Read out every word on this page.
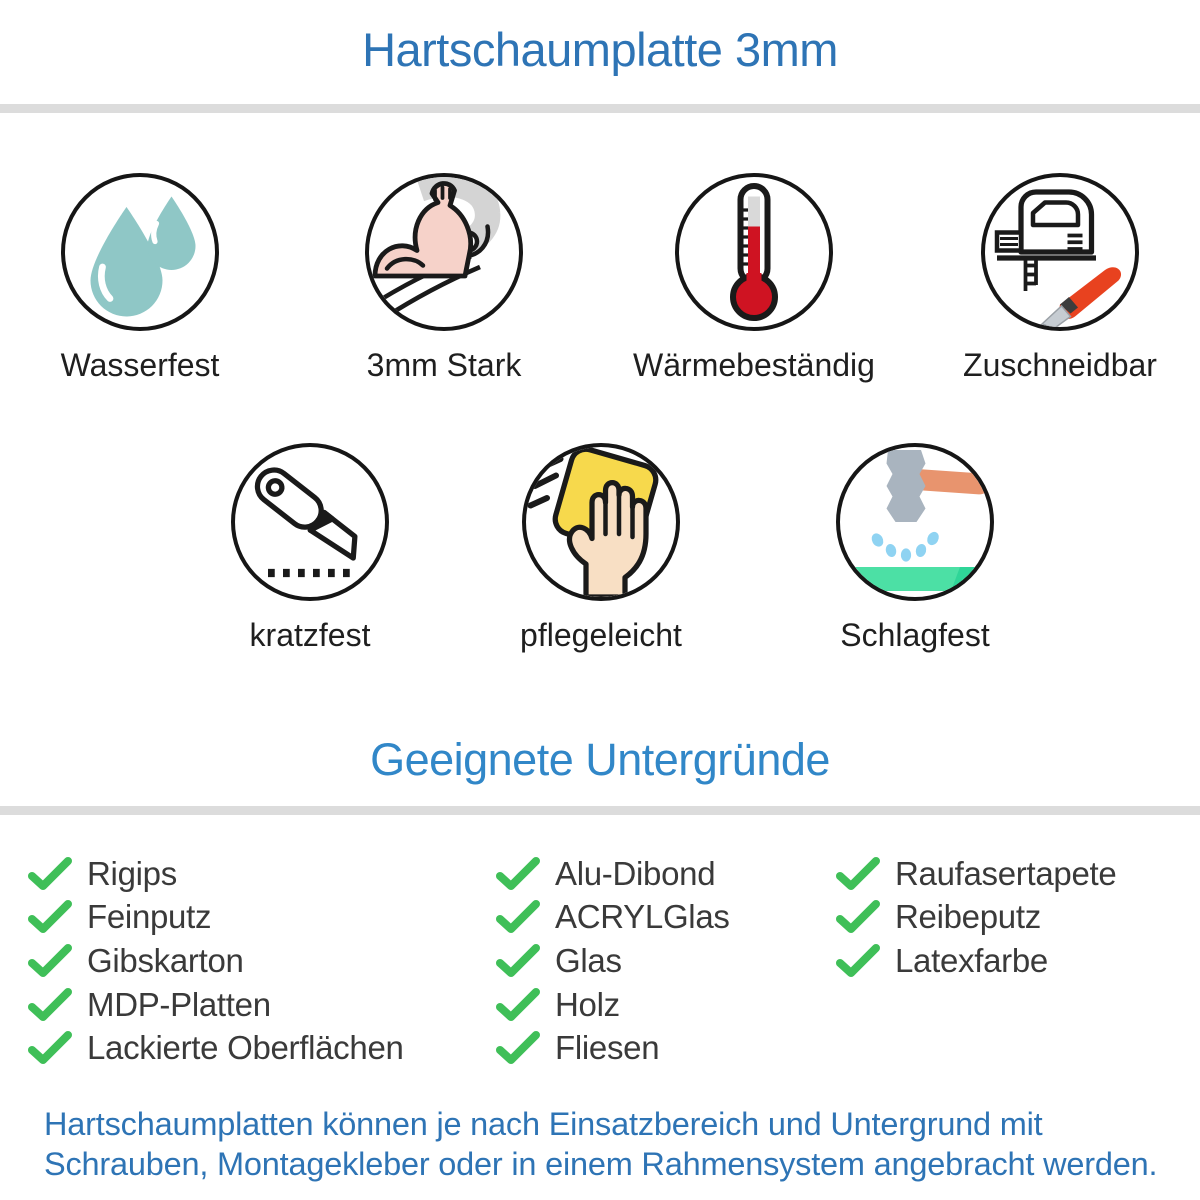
Hartschaumplatte 3mm
Wasserfest	3mm Stark	Wärmebeständig	Zuschneidbar
kratzfest	pflegeleicht	Schlagfest
Geeignete Untergründe
Rigips
Feinputz
Gibskarton
MDP-Platten
Lackierte Oberflächen
Alu-Dibond
ACRYLGlas
Glas
Holz
Fliesen
Raufasertapete
Reibeputz
Latexfarbe

Hartschaumplatten können je nach Einsatzbereich und Untergrund mit
Schrauben, Montagekleber oder in einem Rahmensystem angebracht werden.
